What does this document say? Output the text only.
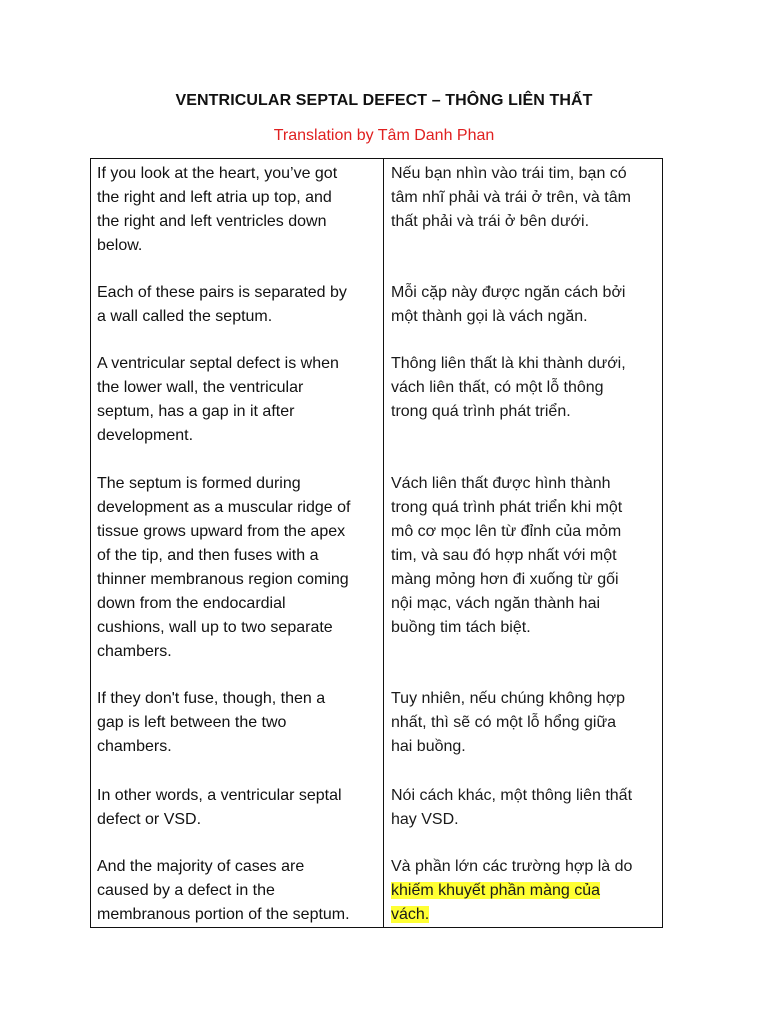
VENTRICULAR SEPTAL DEFECT – THÔNG LIÊN THẤT
Translation by Tâm Danh Phan
If you look at the heart, you’ve got
the right and left atria up top, and
the right and left ventricles down
below.
Nếu bạn nhìn vào trái tim, bạn có
tâm nhĩ phải và trái ở trên, và tâm
thất phải và trái ở bên dưới.
Each of these pairs is separated by
a wall called the septum.
Mỗi cặp này được ngăn cách bởi
một thành gọi là vách ngăn.
A ventricular septal defect is when
the lower wall, the ventricular
septum, has a gap in it after
development.
Thông liên thất là khi thành dưới,
vách liên thất, có một lỗ thông
trong quá trình phát triển.
The septum is formed during
development as a muscular ridge of
tissue grows upward from the apex
of the tip, and then fuses with a
thinner membranous region coming
down from the endocardial
cushions, wall up to two separate
chambers.
Vách liên thất được hình thành
trong quá trình phát triển khi một
mô cơ mọc lên từ đỉnh của mỏm
tim, và sau đó hợp nhất với một
màng mỏng hơn đi xuống từ gối
nội mạc, vách ngăn thành hai
buồng tim tách biệt.
If they don't fuse, though, then a
gap is left between the two
chambers.
Tuy nhiên, nếu chúng không hợp
nhất, thì sẽ có một lỗ hổng giữa
hai buồng.
In other words, a ventricular septal
defect or VSD.
Nói cách khác, một thông liên thất
hay VSD.
And the majority of cases are
caused by a defect in the
membranous portion of the septum.
Và phần lớn các trường hợp là do
khiếm khuyết phần màng của
vách.
